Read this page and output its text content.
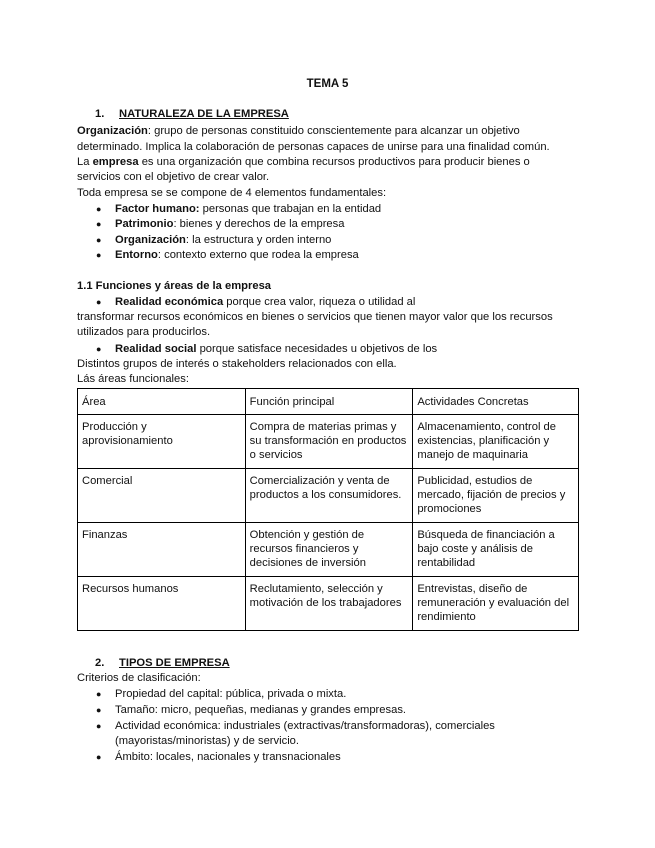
TEMA 5
1. NATURALEZA DE LA EMPRESA
Organización: grupo de personas constituido conscientemente para alcanzar un objetivo
determinado. Implica la colaboración de personas capaces de unirse para una finalidad común.
La empresa es una organización que combina recursos productivos para producir bienes o
servicios con el objetivo de crear valor.
Toda empresa se se compone de 4 elementos fundamentales:
● Factor humano: personas que trabajan en la entidad
● Patrimonio: bienes y derechos de la empresa
● Organización: la estructura y orden interno
● Entorno: contexto externo que rodea la empresa
1.1 Funciones y áreas de la empresa
● Realidad económica porque crea valor, riqueza o utilidad al
transformar recursos económicos en bienes o servicios que tienen mayor valor que los recursos
utilizados para producirlos.
● Realidad social porque satisface necesidades u objetivos de los
Distintos grupos de interés o stakeholders relacionados con ella.
Lás áreas funcionales:
Área	Función principal	Actividades Concretas
Producción y aprovisionamiento	Compra de materias primas y su transformación en productos o servicios	Almacenamiento, control de existencias, planificación y manejo de maquinaria
Comercial	Comercialización y venta de productos a los consumidores.	Publicidad, estudios de mercado, fijación de precios y promociones
Finanzas	Obtención y gestión de recursos financieros y decisiones de inversión	Búsqueda de financiación a bajo coste y análisis de rentabilidad
Recursos humanos	Reclutamiento, selección y motivación de los trabajadores	Entrevistas, diseño de remuneración y evaluación del rendimiento
2. TIPOS DE EMPRESA
Criterios de clasificación:
● Propiedad del capital: pública, privada o mixta.
● Tamaño: micro, pequeñas, medianas y grandes empresas.
● Actividad económica: industriales (extractivas/transformadoras), comerciales
(mayoristas/minoristas) y de servicio.
● Ámbito: locales, nacionales y transnacionales
